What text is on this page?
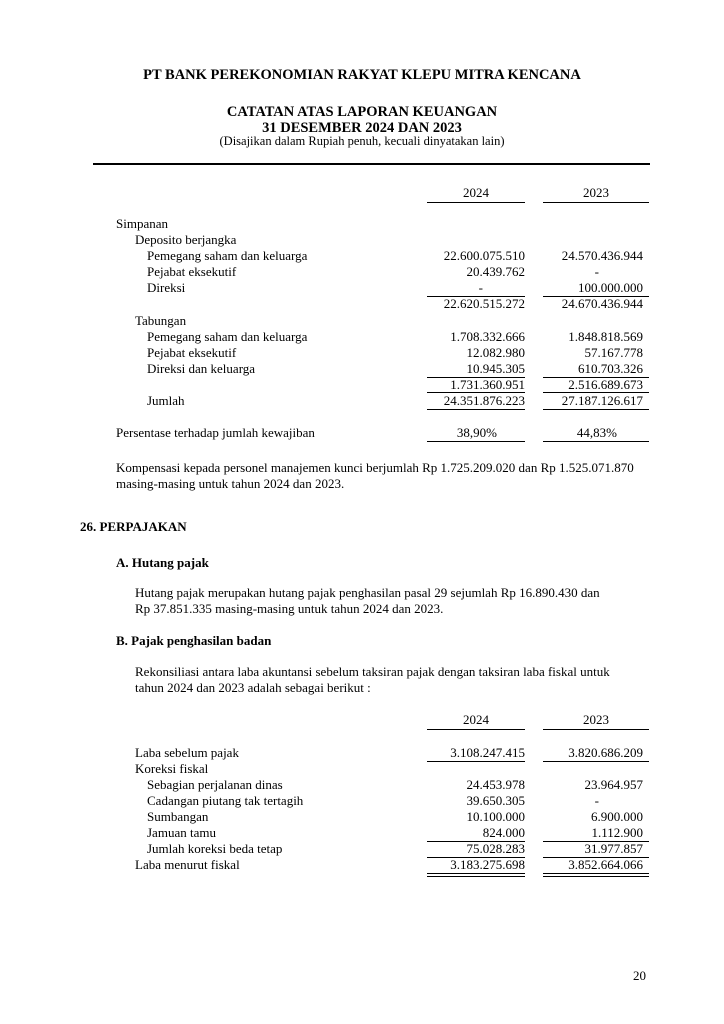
PT BANK PEREKONOMIAN RAKYAT KLEPU MITRA KENCANA
CATATAN ATAS LAPORAN KEUANGAN
31 DESEMBER 2024 DAN 2023
(Disajikan dalam Rupiah penuh, kecuali dinyatakan lain)
2024	2023
Simpanan
Deposito berjangka
Pemegang saham dan keluarga	22.600.075.510	24.570.436.944
Pejabat eksekutif	20.439.762	-
Direksi	-	100.000.000
22.620.515.272	24.670.436.944
Tabungan
Pemegang saham dan keluarga	1.708.332.666	1.848.818.569
Pejabat eksekutif	12.082.980	57.167.778
Direksi dan keluarga	10.945.305	610.703.326
1.731.360.951	2.516.689.673
Jumlah	24.351.876.223	27.187.126.617
Persentase terhadap jumlah kewajiban	38,90%	44,83%
Kompensasi kepada personel manajemen kunci berjumlah Rp 1.725.209.020 dan Rp 1.525.071.870
masing-masing untuk tahun 2024 dan 2023.
26. PERPAJAKAN
A. Hutang pajak
Hutang pajak merupakan hutang pajak penghasilan pasal 29 sejumlah Rp 16.890.430 dan
Rp 37.851.335 masing-masing untuk tahun 2024 dan 2023.
B. Pajak penghasilan badan
Rekonsiliasi antara laba akuntansi sebelum taksiran pajak dengan taksiran laba fiskal untuk
tahun 2024 dan 2023 adalah sebagai berikut :
2024	2023
Laba sebelum pajak	3.108.247.415	3.820.686.209
Koreksi fiskal
Sebagian perjalanan dinas	24.453.978	23.964.957
Cadangan piutang tak tertagih	39.650.305	-
Sumbangan	10.100.000	6.900.000
Jamuan tamu	824.000	1.112.900
Jumlah koreksi beda tetap	75.028.283	31.977.857
Laba menurut fiskal	3.183.275.698	3.852.664.066
20
